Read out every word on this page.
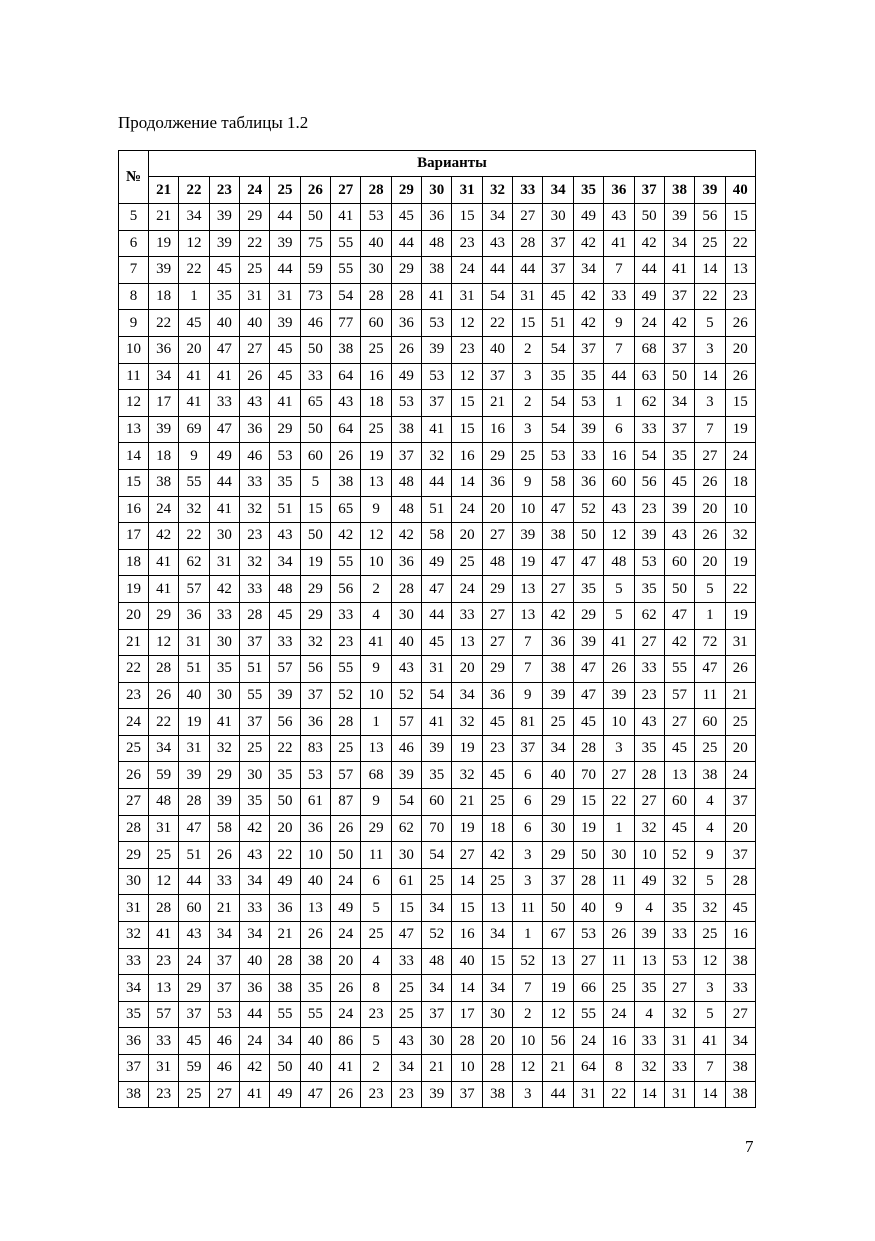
Продолжение таблицы 1.2
№	Варианты																			
	21	22	23	24	25	26	27	28	29	30	31	32	33	34	35	36	37	38	39	40
5	21	34	39	29	44	50	41	53	45	36	15	34	27	30	49	43	50	39	56	15
6	19	12	39	22	39	75	55	40	44	48	23	43	28	37	42	41	42	34	25	22
7	39	22	45	25	44	59	55	30	29	38	24	44	44	37	34	7	44	41	14	13
8	18	1	35	31	31	73	54	28	28	41	31	54	31	45	42	33	49	37	22	23
9	22	45	40	40	39	46	77	60	36	53	12	22	15	51	42	9	24	42	5	26
10	36	20	47	27	45	50	38	25	26	39	23	40	2	54	37	7	68	37	3	20
11	34	41	41	26	45	33	64	16	49	53	12	37	3	35	35	44	63	50	14	26
12	17	41	33	43	41	65	43	18	53	37	15	21	2	54	53	1	62	34	3	15
13	39	69	47	36	29	50	64	25	38	41	15	16	3	54	39	6	33	37	7	19
14	18	9	49	46	53	60	26	19	37	32	16	29	25	53	33	16	54	35	27	24
15	38	55	44	33	35	5	38	13	48	44	14	36	9	58	36	60	56	45	26	18
16	24	32	41	32	51	15	65	9	48	51	24	20	10	47	52	43	23	39	20	10
17	42	22	30	23	43	50	42	12	42	58	20	27	39	38	50	12	39	43	26	32
18	41	62	31	32	34	19	55	10	36	49	25	48	19	47	47	48	53	60	20	19
19	41	57	42	33	48	29	56	2	28	47	24	29	13	27	35	5	35	50	5	22
20	29	36	33	28	45	29	33	4	30	44	33	27	13	42	29	5	62	47	1	19
21	12	31	30	37	33	32	23	41	40	45	13	27	7	36	39	41	27	42	72	31
22	28	51	35	51	57	56	55	9	43	31	20	29	7	38	47	26	33	55	47	26
23	26	40	30	55	39	37	52	10	52	54	34	36	9	39	47	39	23	57	11	21
24	22	19	41	37	56	36	28	1	57	41	32	45	81	25	45	10	43	27	60	25
25	34	31	32	25	22	83	25	13	46	39	19	23	37	34	28	3	35	45	25	20
26	59	39	29	30	35	53	57	68	39	35	32	45	6	40	70	27	28	13	38	24
27	48	28	39	35	50	61	87	9	54	60	21	25	6	29	15	22	27	60	4	37
28	31	47	58	42	20	36	26	29	62	70	19	18	6	30	19	1	32	45	4	20
29	25	51	26	43	22	10	50	11	30	54	27	42	3	29	50	30	10	52	9	37
30	12	44	33	34	49	40	24	6	61	25	14	25	3	37	28	11	49	32	5	28
31	28	60	21	33	36	13	49	5	15	34	15	13	11	50	40	9	4	35	32	45
32	41	43	34	34	21	26	24	25	47	52	16	34	1	67	53	26	39	33	25	16
33	23	24	37	40	28	38	20	4	33	48	40	15	52	13	27	11	13	53	12	38
34	13	29	37	36	38	35	26	8	25	34	14	34	7	19	66	25	35	27	3	33
35	57	37	53	44	55	55	24	23	25	37	17	30	2	12	55	24	4	32	5	27
36	33	45	46	24	34	40	86	5	43	30	28	20	10	56	24	16	33	31	41	34
37	31	59	46	42	50	40	41	2	34	21	10	28	12	21	64	8	32	33	7	38
38	23	25	27	41	49	47	26	23	23	39	37	38	3	44	31	22	14	31	14	38
7
